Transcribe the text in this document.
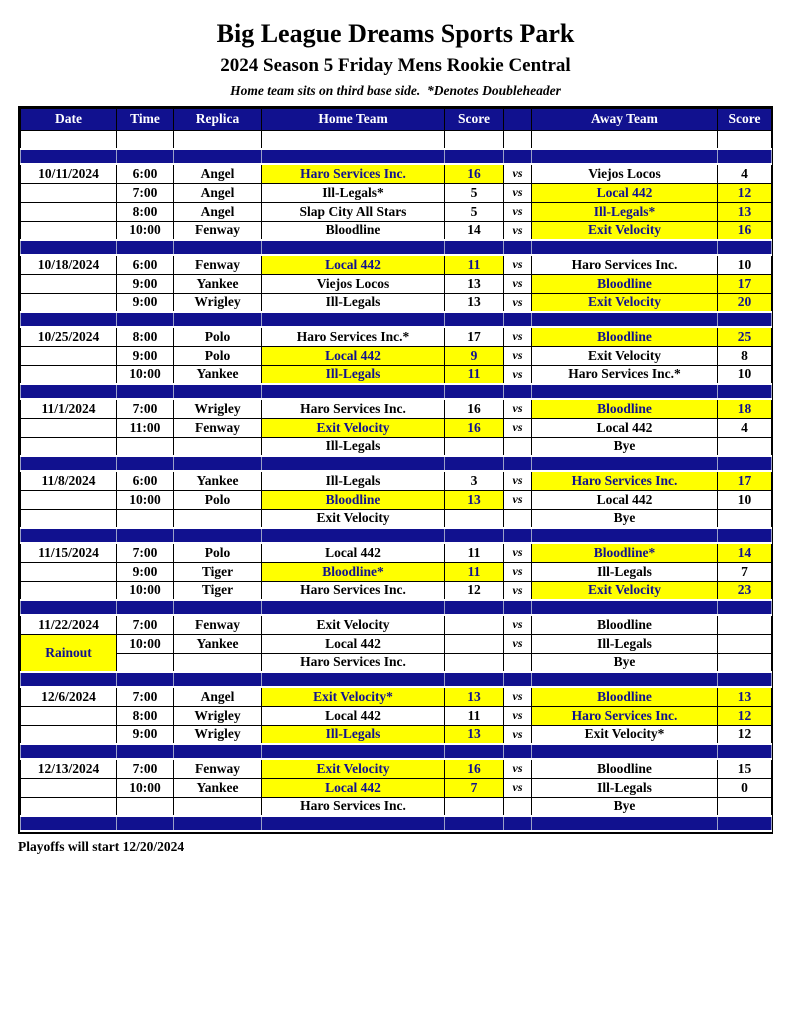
Big League Dreams Sports Park
2024 Season 5 Friday Mens Rookie Central
Home team sits on third base side.  *Denotes Doubleheader
Date	Time	Replica	Home Team	Score		Away Team	Score

10/11/2024	6:00	Angel	Haro Services Inc.	16	vs	Viejos Locos	4
	7:00	Angel	Ill-Legals*	5	vs	Local 442	12
	8:00	Angel	Slap City All Stars	5	vs	Ill-Legals*	13
	10:00	Fenway	Bloodline	14	vs	Exit Velocity	16

10/18/2024	6:00	Fenway	Local 442	11	vs	Haro Services Inc.	10
	9:00	Yankee	Viejos Locos	13	vs	Bloodline	17
	9:00	Wrigley	Ill-Legals	13	vs	Exit Velocity	20

10/25/2024	8:00	Polo	Haro Services Inc.*	17	vs	Bloodline	25
	9:00	Polo	Local 442	9	vs	Exit Velocity	8
	10:00	Yankee	Ill-Legals	11	vs	Haro Services Inc.*	10

11/1/2024	7:00	Wrigley	Haro Services Inc.	16	vs	Bloodline	18
	11:00	Fenway	Exit Velocity	16	vs	Local 442	4
			Ill-Legals			Bye	

11/8/2024	6:00	Yankee	Ill-Legals	3	vs	Haro Services Inc.	17
	10:00	Polo	Bloodline	13	vs	Local 442	10
			Exit Velocity			Bye	

11/15/2024	7:00	Polo	Local 442	11	vs	Bloodline*	14
	9:00	Tiger	Bloodline*	11	vs	Ill-Legals	7
	10:00	Tiger	Haro Services Inc.	12	vs	Exit Velocity	23

11/22/2024	7:00	Fenway	Exit Velocity		vs	Bloodline	
Rainout	10:00	Yankee	Local 442		vs	Ill-Legals	
			Haro Services Inc.			Bye	

12/6/2024	7:00	Angel	Exit Velocity*	13	vs	Bloodline	13
	8:00	Wrigley	Local 442	11	vs	Haro Services Inc.	12
	9:00	Wrigley	Ill-Legals	13	vs	Exit Velocity*	12

12/13/2024	7:00	Fenway	Exit Velocity	16	vs	Bloodline	15
	10:00	Yankee	Local 442	7	vs	Ill-Legals	0
			Haro Services Inc.			Bye	

Playoffs will start 12/20/2024
